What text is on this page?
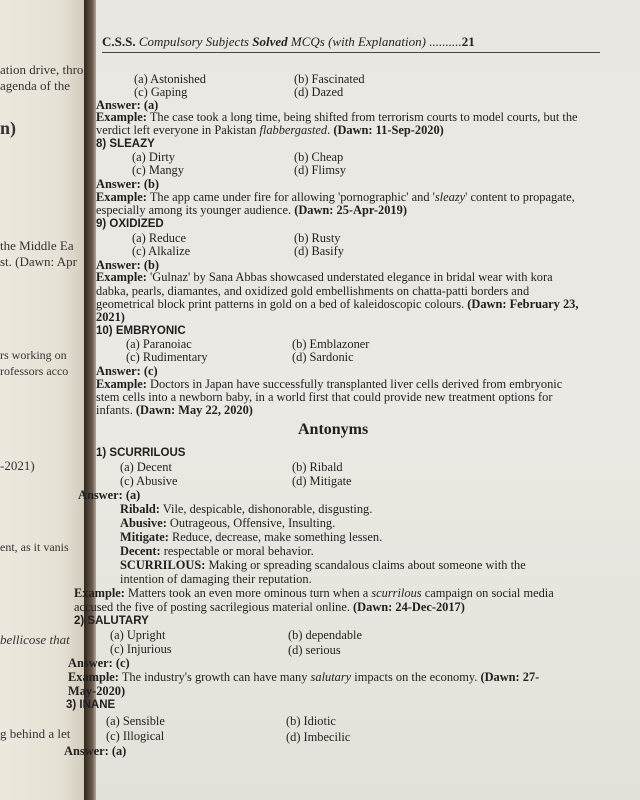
ation drive, thro
agenda of the
n)
the Middle Ea
st. (Dawn: Apr
rs working on
rofessors acco
-2021)
ent, as it vanis
bellicose that
g behind a let
C.S.S. Compulsory Subjects Solved MCQs (with Explanation) ..........21
(a) Astonished	(b) Fascinated
(c) Gaping	(d) Dazed
Answer: (a)
Example: The case took a long time, being shifted from terrorism courts to model courts, but the
verdict left everyone in Pakistan flabbergasted. (Dawn: 11-Sep-2020)
8) SLEAZY
(a) Dirty	(b) Cheap
(c) Mangy	(d) Flimsy
Answer: (b)
Example: The app came under fire for allowing 'pornographic' and 'sleazy' content to propagate,
especially among its younger audience. (Dawn: 25-Apr-2019)
9) OXIDIZED
(a) Reduce	(b) Rusty
(c) Alkalize	(d) Basify
Answer: (b)
Example: 'Gulnaz' by Sana Abbas showcased understated elegance in bridal wear with kora
dabka, pearls, diamantes, and oxidized gold embellishments on chatta-patti borders and
geometrical block print patterns in gold on a bed of kaleidoscopic colours. (Dawn: February 23,
2021)
10) EMBRYONIC
(a) Paranoiac	(b) Emblazoner
(c) Rudimentary	(d) Sardonic
Answer: (c)
Example: Doctors in Japan have successfully transplanted liver cells derived from embryonic
stem cells into a newborn baby, in a world first that could provide new treatment options for
infants. (Dawn: May 22, 2020)
Antonyms
1) SCURRILOUS
(a) Decent	(b) Ribald
(c) Abusive	(d) Mitigate
Answer: (a)
Ribald: Vile, despicable, dishonorable, disgusting.
Abusive: Outrageous, Offensive, Insulting.
Mitigate: Reduce, decrease, make something lessen.
Decent: respectable or moral behavior.
SCURRILOUS: Making or spreading scandalous claims about someone with the
intention of damaging their reputation.
Example: Matters took an even more ominous turn when a scurrilous campaign on social media
accused the five of posting sacrilegious material online. (Dawn: 24-Dec-2017)
2) SALUTARY
(a) Upright	(b) dependable
(c) Injurious	(d) serious
Answer: (c)
Example: The industry's growth can have many salutary impacts on the economy. (Dawn: 27-
May-2020)
3) INANE
(a) Sensible	(b) Idiotic
(c) Illogical	(d) Imbecilic
Answer: (a)
